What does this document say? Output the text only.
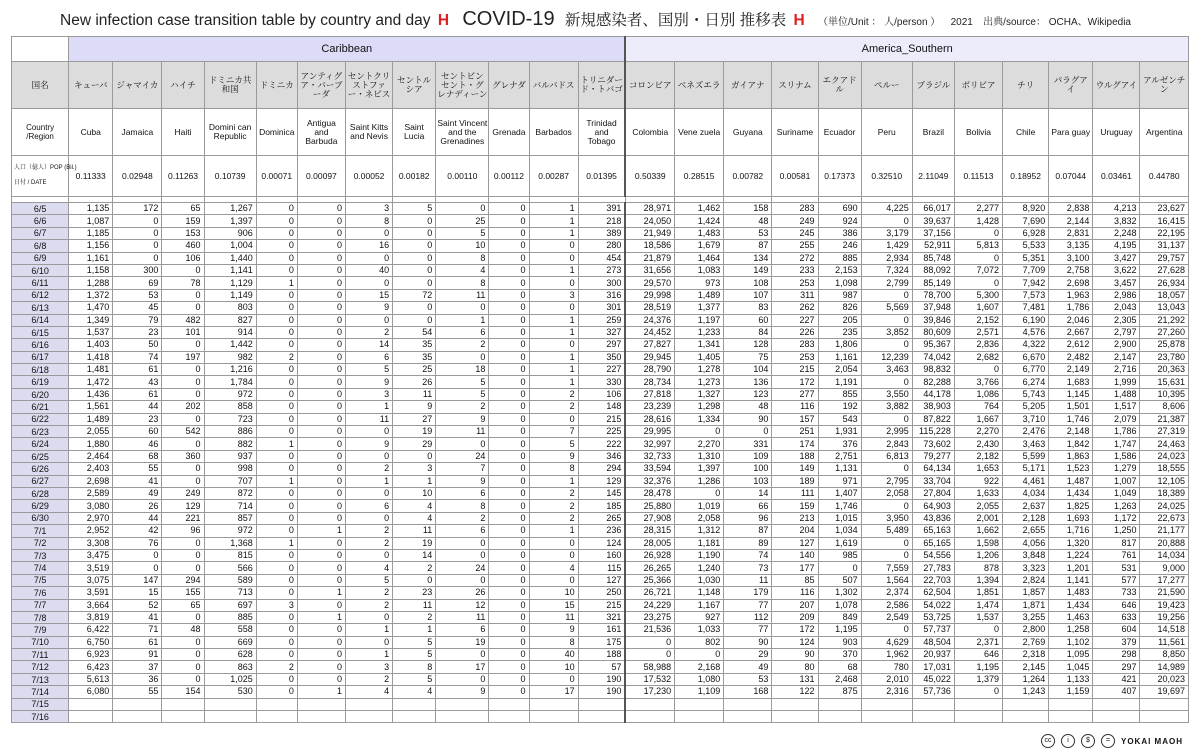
New infection case transition table by country and day H COVID-19 新規感染者、国別・日別 推移表 H （単位/Unit ： 人/person ） 2021 出典/source： OCHA、Wikipedia
	Caribbean												America_Southern											
国名	キューバ	ジャマイカ	ハイチ	ドミニカ共和国	ドミニカ	アンティグア・バーブーダ	セントクリストファー・ネビス	セントルシア	セントビンセント・グレナディーン	グレナダ	バルバドス	トリニダード・トバゴ	コロンビア	ベネズエラ	ガイアナ	スリナム	エクアドル	ペルー	ブラジル	ボリビア	チリ	パラグアイ	ウルグアイ	アルゼンチン
Country /Region	Cuba	Jamaica	Haiti	Domini can Republic	Dominica	Antigua and Barbuda	Saint Kitts and Nevis	Saint Lucia	Saint Vincent and the Grenadines	Grenada	Barbados	Trinidad and Tobago	Colombia	Vene zuela	Guyana	Suriname	Ecuador	Peru	Brazil	Bolivia	Chile	Para guay	Uruguay	Argentina

人口（億人）POP (Bil.)
日付 / DATE	0.11333	0.02948	0.11263	0.10739	0.00071	0.00097	0.00052	0.00182	0.00110	0.00112	0.00287	0.01395	0.50339	0.28515	0.00782	0.00581	0.17373	0.32510	2.11049	0.11513	0.18952	0.07044	0.03461	0.44780

6/5	1,135	172	65	1,267	0	0	3	5	0	0	1	391	28,971	1,462	158	283	690	4,225	66,017	2,277	8,920	2,838	4,213	23,627
6/6	1,087	0	159	1,397	0	0	8	0	25	0	1	218	24,050	1,424	48	249	924	0	39,637	1,428	7,690	2,144	3,832	16,415
6/7	1,185	0	153	906	0	0	0	0	5	0	1	389	21,949	1,483	53	245	386	3,179	37,156	0	6,928	2,831	2,248	22,195
6/8	1,156	0	460	1,004	0	0	16	0	10	0	0	280	18,586	1,679	87	255	246	1,429	52,911	5,813	5,533	3,135	4,195	31,137
6/9	1,161	0	106	1,440	0	0	0	0	8	0	0	454	21,879	1,464	134	272	885	2,934	85,748	0	5,351	3,100	3,427	29,757
6/10	1,158	300	0	1,141	0	0	40	0	4	0	1	273	31,656	1,083	149	233	2,153	7,324	88,092	7,072	7,709	2,758	3,622	27,628
6/11	1,288	69	78	1,129	1	0	0	0	8	0	0	300	29,570	973	108	253	1,098	2,799	85,149	0	7,942	2,698	3,457	26,934
6/12	1,372	53	0	1,149	0	0	15	72	11	0	3	316	29,998	1,489	107	311	987	0	78,700	5,300	7,573	1,963	2,986	18,057
6/13	1,470	45	0	803	0	0	9	0	0	0	0	301	28,519	1,377	83	262	826	5,569	37,948	1,607	7,481	1,786	2,043	13,043
6/14	1,349	79	482	827	0	0	0	0	1	0	1	259	24,376	1,197	60	227	205	0	39,846	2,152	6,190	2,046	2,305	21,292
6/15	1,537	23	101	914	0	0	2	54	6	0	1	327	24,452	1,233	84	226	235	3,852	80,609	2,571	4,576	2,667	2,797	27,260
6/16	1,403	50	0	1,442	0	0	14	35	2	0	0	297	27,827	1,341	128	283	1,806	0	95,367	2,836	4,322	2,612	2,900	25,878
6/17	1,418	74	197	982	2	0	6	35	0	0	1	350	29,945	1,405	75	253	1,161	12,239	74,042	2,682	6,670	2,482	2,147	23,780
6/18	1,481	61	0	1,216	0	0	5	25	18	0	1	227	28,790	1,278	104	215	2,054	3,463	98,832	0	6,770	2,149	2,716	20,363
6/19	1,472	43	0	1,784	0	0	9	26	5	0	1	330	28,734	1,273	136	172	1,191	0	82,288	3,766	6,274	1,683	1,999	15,631
6/20	1,436	61	0	972	0	0	3	11	5	0	2	106	27,818	1,327	123	277	855	3,550	44,178	1,086	5,743	1,145	1,488	10,395
6/21	1,561	44	202	858	0	0	1	9	2	0	2	148	23,239	1,298	48	116	192	3,882	38,903	764	5,205	1,501	1,517	8,606
6/22	1,489	23	0	723	0	0	11	27	9	0	0	215	28,616	1,334	90	157	543	0	87,822	1,667	3,710	1,746	2,079	21,387
6/23	2,055	60	542	886	0	0	0	19	11	0	7	225	29,995	0	0	251	1,931	2,995	115,228	2,270	2,476	2,148	1,786	27,319
6/24	1,880	46	0	882	1	0	9	29	0	0	5	222	32,997	2,270	331	174	376	2,843	73,602	2,430	3,463	1,842	1,747	24,463
6/25	2,464	68	360	937	0	0	0	0	24	0	9	346	32,733	1,310	109	188	2,751	6,813	79,277	2,182	5,599	1,863	1,586	24,023
6/26	2,403	55	0	998	0	0	2	3	7	0	8	294	33,594	1,397	100	149	1,131	0	64,134	1,653	5,171	1,523	1,279	18,555
6/27	2,698	41	0	707	1	0	1	1	9	0	1	129	32,376	1,286	103	189	971	2,795	33,704	922	4,461	1,487	1,007	12,105
6/28	2,589	49	249	872	0	0	0	10	6	0	2	145	28,478	0	14	111	1,407	2,058	27,804	1,633	4,034	1,434	1,049	18,389
6/29	3,080	26	129	714	0	0	6	4	8	0	2	185	25,880	1,019	66	159	1,746	0	64,903	2,055	2,637	1,825	1,263	24,025
6/30	2,970	44	221	857	0	0	0	4	2	0	2	265	27,908	2,058	96	213	1,015	3,950	43,836	2,001	2,128	1,693	1,172	22,673
7/1	2,952	42	96	972	0	1	2	11	6	0	1	236	28,315	1,312	87	204	1,034	5,489	65,163	1,662	2,655	1,716	1,250	21,177
7/2	3,308	76	0	1,368	1	0	2	19	0	0	0	124	28,005	1,181	89	127	1,619	0	65,165	1,598	4,056	1,320	817	20,888
7/3	3,475	0	0	815	0	0	0	14	0	0	0	160	26,928	1,190	74	140	985	0	54,556	1,206	3,848	1,224	761	14,034
7/4	3,519	0	0	566	0	0	4	2	24	0	4	115	26,265	1,240	73	177	0	7,559	27,783	878	3,323	1,201	531	9,000
7/5	3,075	147	294	589	0	0	5	0	0	0	0	127	25,366	1,030	11	85	507	1,564	22,703	1,394	2,824	1,141	577	17,277
7/6	3,591	15	155	713	0	1	2	23	26	0	10	250	26,721	1,148	179	116	1,302	2,374	62,504	1,851	1,857	1,483	733	21,590
7/7	3,664	52	65	697	3	0	2	11	12	0	15	215	24,229	1,167	77	207	1,078	2,586	54,022	1,474	1,871	1,434	646	19,423
7/8	3,819	41	0	885	0	1	0	2	11	0	11	321	23,275	927	112	209	849	2,549	53,725	1,537	3,255	1,463	633	19,256
7/9	6,422	71	48	558	0	0	1	1	6	0	9	161	21,536	1,033	77	172	1,195	0	57,737	0	2,800	1,258	604	14,518
7/10	6,750	61	0	669	0	0	0	5	19	0	8	175	0	802	90	124	903	4,629	48,504	2,371	2,769	1,102	379	11,561
7/11	6,923	91	0	628	0	0	1	5	0	0	40	188	0	0	29	90	370	1,962	20,937	646	2,318	1,095	298	8,850
7/12	6,423	37	0	863	2	0	3	8	17	0	10	57	58,988	2,168	49	80	68	780	17,031	1,195	2,145	1,045	297	14,989
7/13	5,613	36	0	1,025	0	0	2	5	0	0	0	190	17,532	1,080	53	131	2,468	2,010	45,022	1,379	1,264	1,133	421	20,023
7/14	6,080	55	154	530	0	1	4	4	9	0	17	190	17,230	1,109	168	122	875	2,316	57,736	0	1,243	1,159	407	19,697
7/15																								
7/16																								
cc	i	$	=	YOKAI MAOH
